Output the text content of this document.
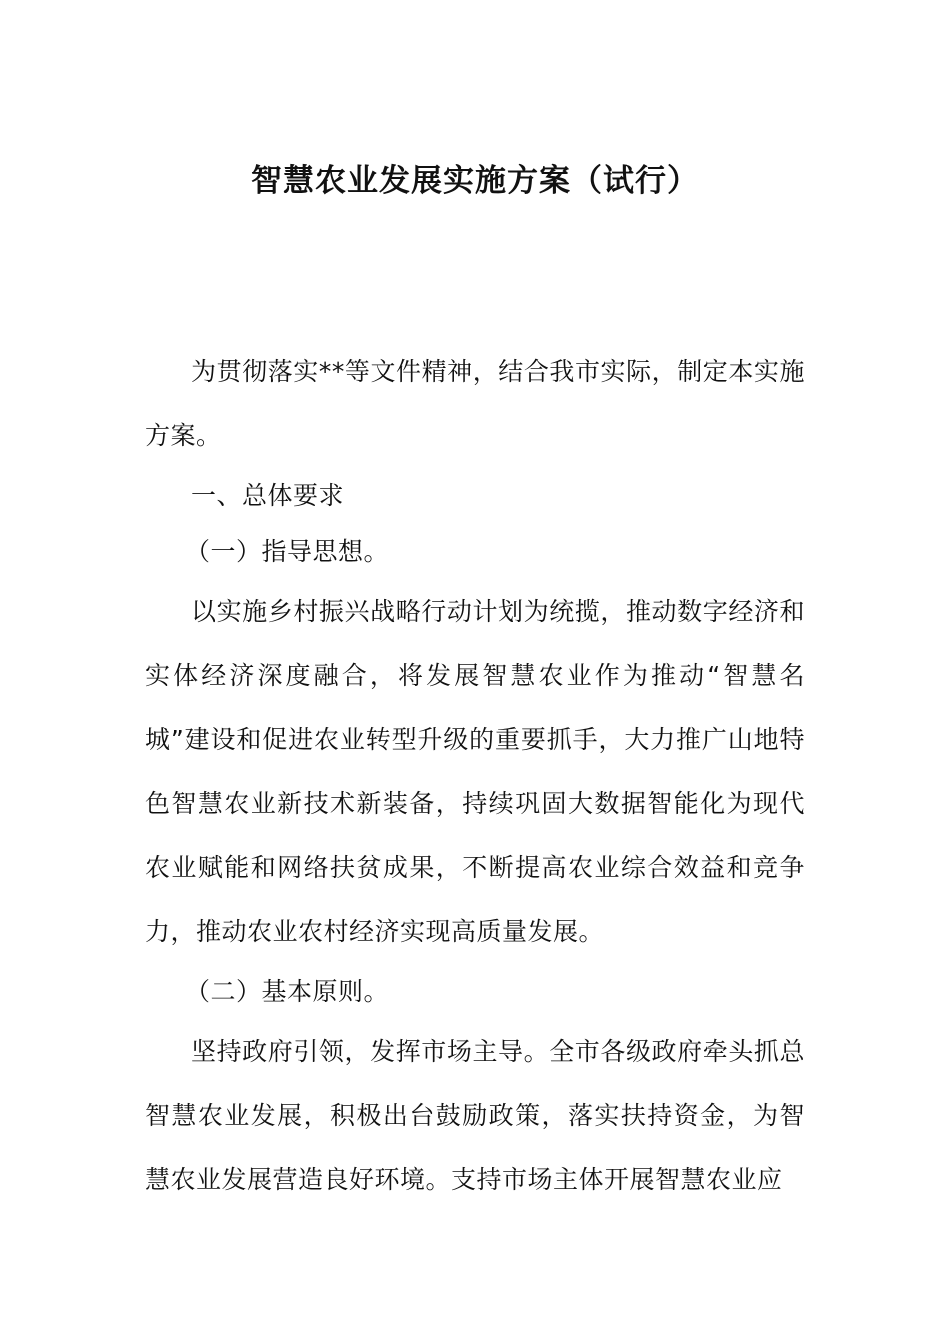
智慧农业发展实施方案（试行）

为贯彻落实**等文件精神，结合我市实际，制定本实施方案。

一、总体要求

（一）指导思想。

以实施乡村振兴战略行动计划为统揽，推动数字经济和实体经济深度融合，将发展智慧农业作为推动“智慧名城”建设和促进农业转型升级的重要抓手，大力推广山地特色智慧农业新技术新装备，持续巩固大数据智能化为现代农业赋能和网络扶贫成果，不断提高农业综合效益和竞争力，推动农业农村经济实现高质量发展。

（二）基本原则。

坚持政府引领，发挥市场主导。全市各级政府牵头抓总智慧农业发展，积极出台鼓励政策，落实扶持资金，为智慧农业发展营造良好环境。支持市场主体开展智慧农业应
